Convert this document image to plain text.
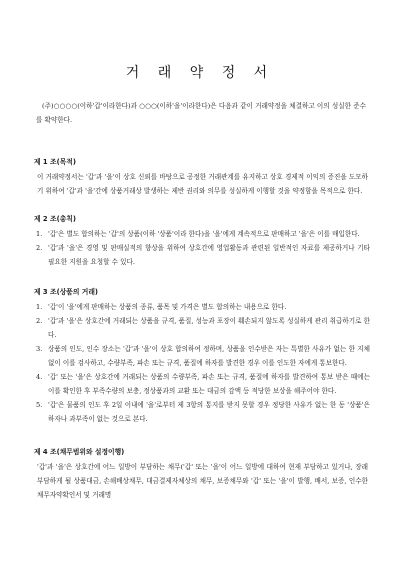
거 래 약 정 서
(주)○○○○(이하'갑'이라한다)과 ○○○(이하'을'이라한다)은 다음과 같이 거래약정을 체결하고 이의 성실한 준수를 확약한다.
제 1 조(목적)
이 거래약정서는 '갑'과 '을'이 상호 신뢰를 바탕으로 공정한 거래관계를 유지하고 상호 경제적 이익의 증진을 도모하기 위하여 '갑'과 '을'간에 상품거래상 발생하는 제반 권리와 의무를 성실하게 이행할 것을 약정함을 목적으로 한다.
제 2 조(총칙)
1. '갑'은 별도 합의하는 '갑'의 상품(이하 '상품'이라 한다)을 '을'에게 계속적으로 판매하고 '을'은 이를 매입한다.
2. '갑'과 '을'은 경영 및 판매실적의 향상을 위하여 상호간에 영업활동과 관련된 일반적인 자료를 제공하거나 기타 필요한 지원을 요청할 수 있다.
제 3 조(상품의 거래)
1. '갑'이 '을'에게 판매하는 상품의 종류, 품목 및 가격은 별도 합의하는 내용으로 한다.
2. '갑'과 '을'은 상호간에 거래되는 상품을 규격, 품질, 성능과 포장이 훼손되지 않도록 성실하게 관리 취급하기로 한다.
3. 상품의 인도, 인수 장소는 '갑'과 '을'이 상호 합의하여 정하며, 상품을 인수받은 자는 특별한 사유가 없는 한 지체없이 이를 검사하고, 수량부족, 파손 또는 규격, 품질에 하자를 발견한 경우 이를 인도한 자에게 통보한다.
4. '갑' 또는 '을'은 상호간에 거래되는 상품의 수량부족, 파손 또는 규격, 품질에 하자를 발견하여 통보 받은 때에는 이를 확인한 후 부족수량의 보충, 정상품과의 교환 또는 대금의 감액 등 적당한 보상을 해주어야 한다.
5. '갑'은 물품의 인도 후 2일 이내에 '을'로부터 제 3항의 통지를 받지 못할 경우 정당한 사유가 없는 한 동 '상품'은 하자나 과부족이 없는 것으로 본다.
제 4 조(채무범위와 설정이행)
'갑'과 '을'은 상호간에 어느 일방이 부담하는 채무('갑' 또는 '을'이 어느 일방에 대하여 현재 부담하고 있거나, 장래 부담하게 될 상품대금, 손해배상채무, 대금결제자체상의 채무, 보증채무와 '갑' 또는 '을'이 발행, 배서, 보증, 인수한 채무자약확인서 및 거래명
